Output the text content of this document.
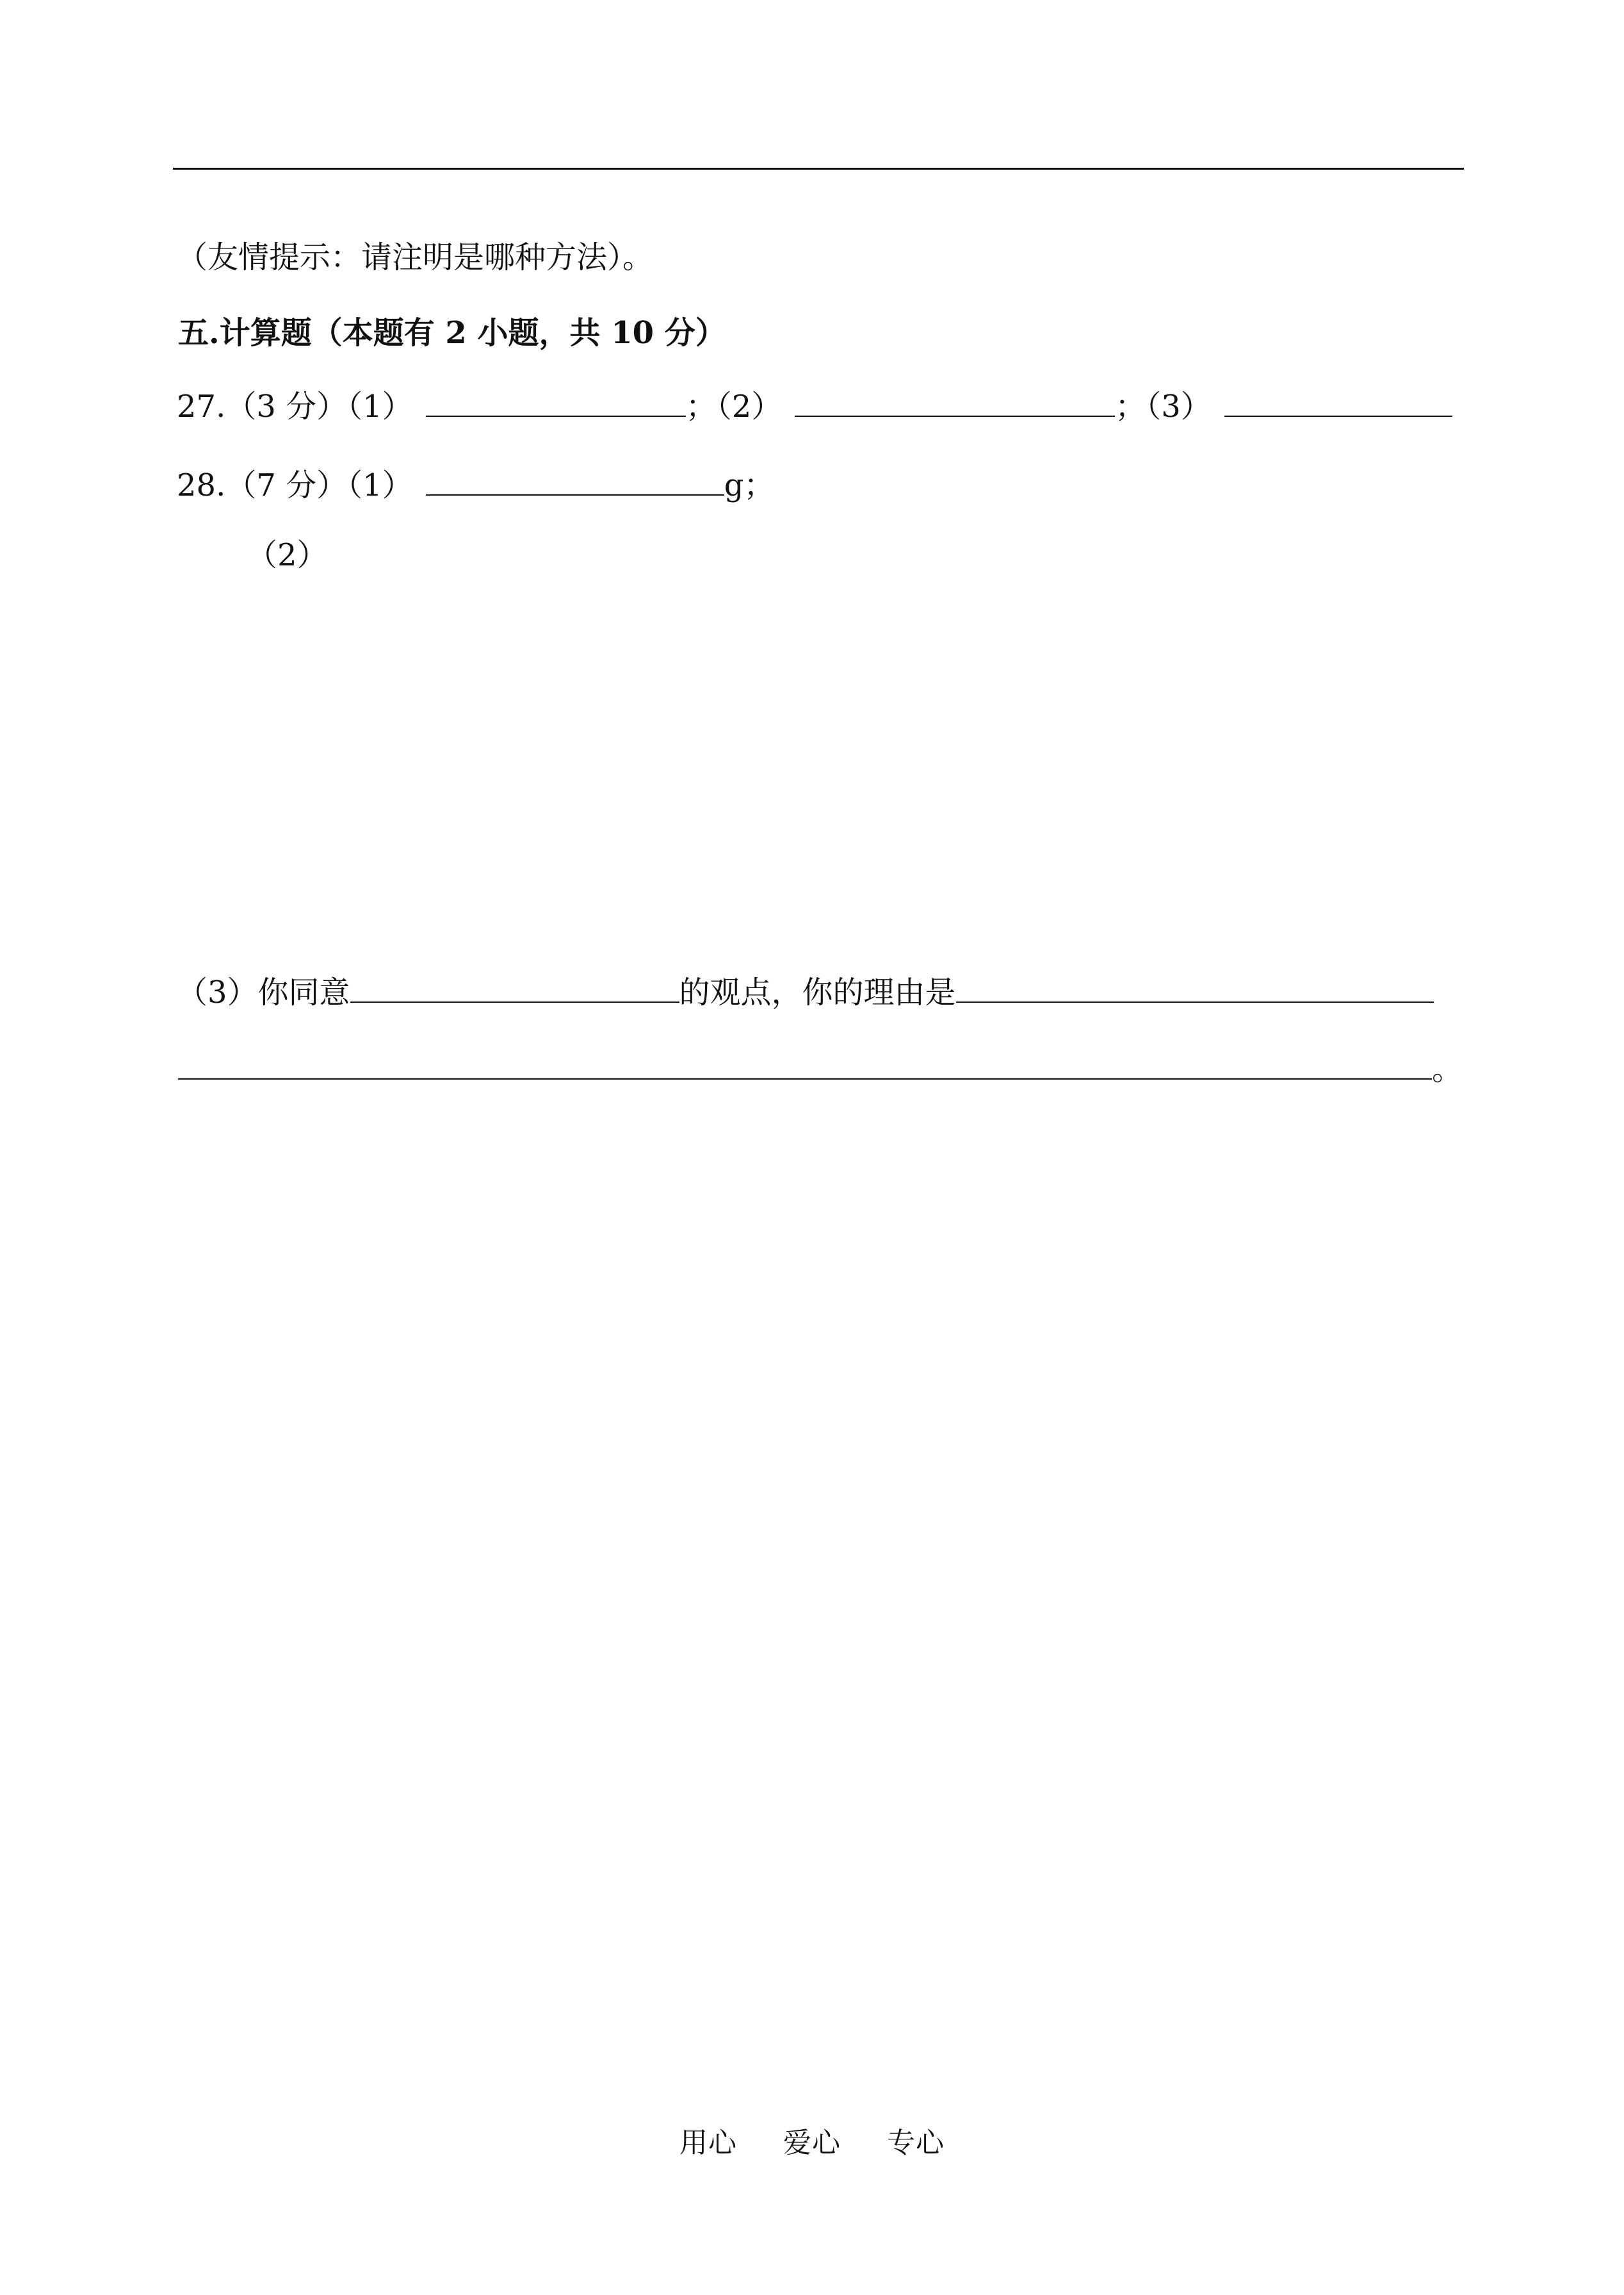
（友情提示：请注明是哪种方法）。
五.计算题（本题有 2 小题，共 10 分）
27.（3 分）（1）	；（2）	；（3）
28.（7 分）（1）	g；
（2）
（3）你同意	的观点，你的理由是
。
用心 爱心 专心
